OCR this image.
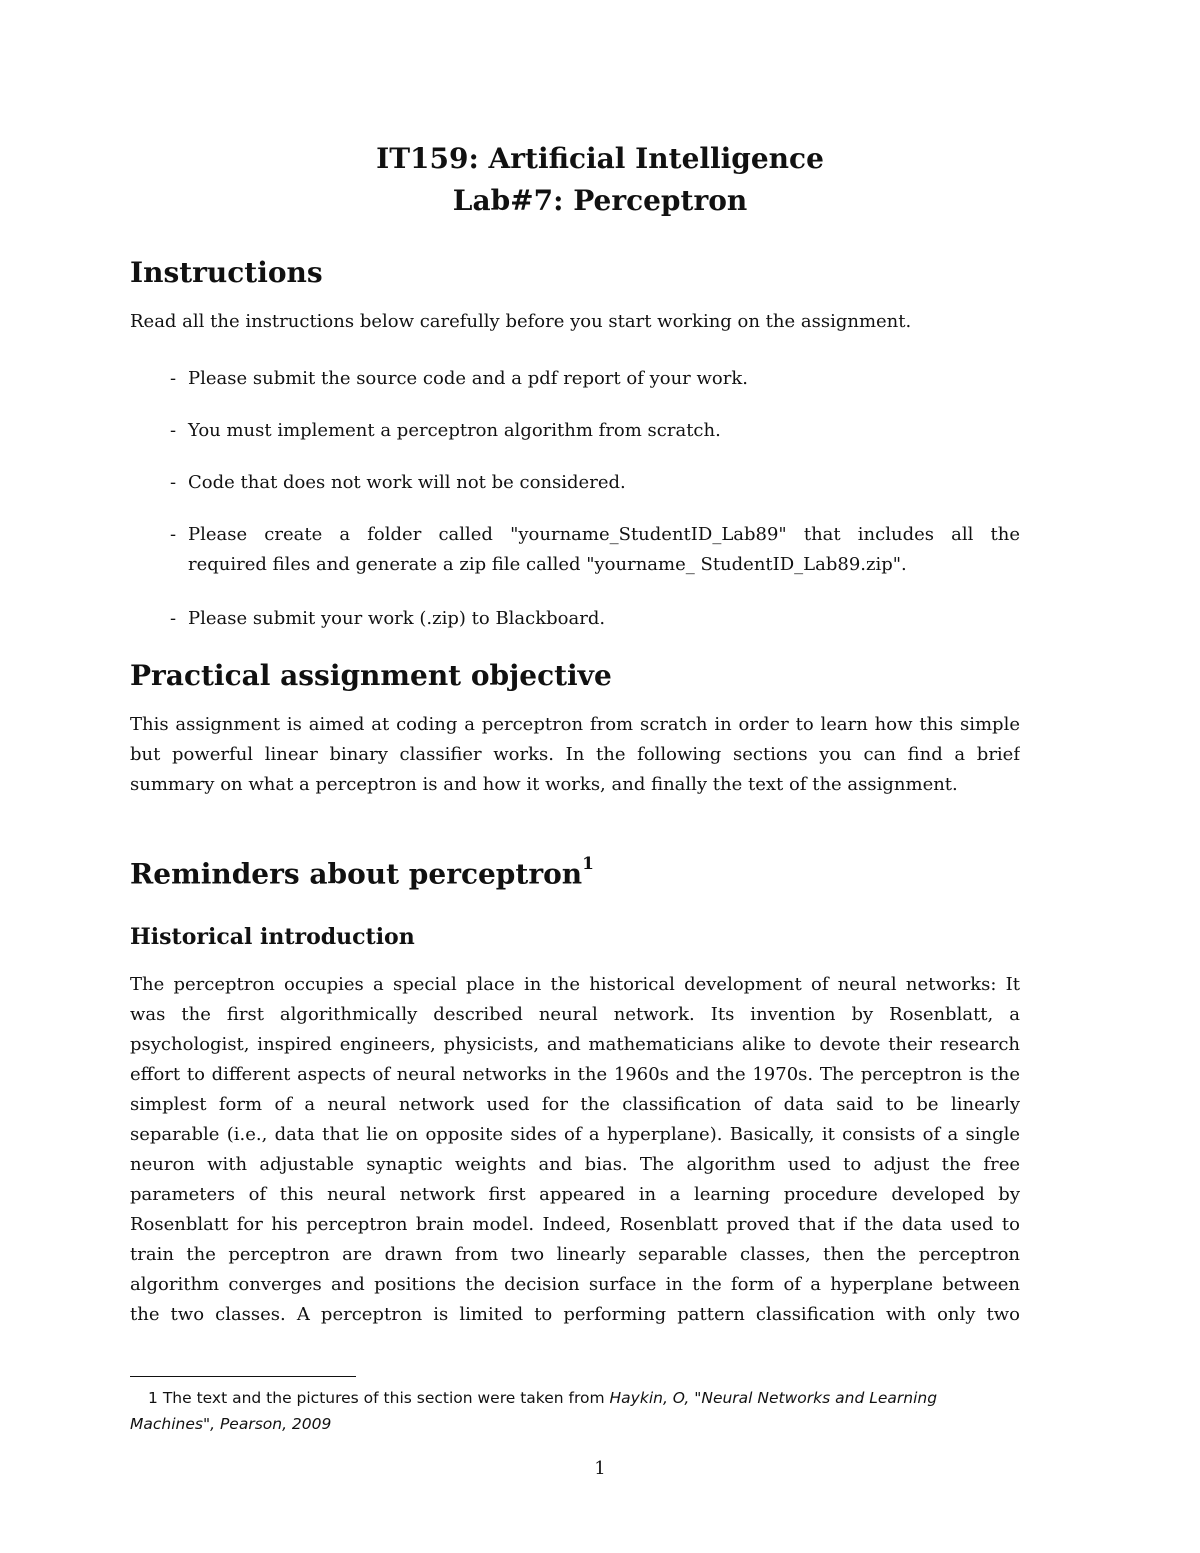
IT159: Artificial Intelligence
Lab#7: Perceptron
Instructions
Read all the instructions below carefully before you start working on the assignment.
- Please submit the source code and a pdf report of your work.
- You must implement a perceptron algorithm from scratch.
- Code that does not work will not be considered.
- Please create a folder called "yourname_StudentID_Lab89" that includes all the
required files and generate a zip file called "yourname_ StudentID_Lab89.zip".
- Please submit your work (.zip) to Blackboard.
Practical assignment objective
This assignment is aimed at coding a perceptron from scratch in order to learn how this simple
but powerful linear binary classifier works. In the following sections you can find a brief
summary on what a perceptron is and how it works, and finally the text of the assignment.
Reminders about perceptron$^1$
Historical introduction
The perceptron occupies a special place in the historical development of neural networks: It
was the first algorithmically described neural network. Its invention by Rosenblatt, a
psychologist, inspired engineers, physicists, and mathematicians alike to devote their research
effort to different aspects of neural networks in the 1960s and the 1970s. The perceptron is the
simplest form of a neural network used for the classification of data said to be linearly
separable (i.e., data that lie on opposite sides of a hyperplane). Basically, it consists of a single
neuron with adjustable synaptic weights and bias. The algorithm used to adjust the free
parameters of this neural network first appeared in a learning procedure developed by
Rosenblatt for his perceptron brain model. Indeed, Rosenblatt proved that if the data used to
train the perceptron are drawn from two linearly separable classes, then the perceptron
algorithm converges and positions the decision surface in the form of a hyperplane between
the two classes. A perceptron is limited to performing pattern classification with only two
1 The text and the pictures of this section were taken from Haykin, O, "Neural Networks and Learning
Machines", Pearson, 2009
1
